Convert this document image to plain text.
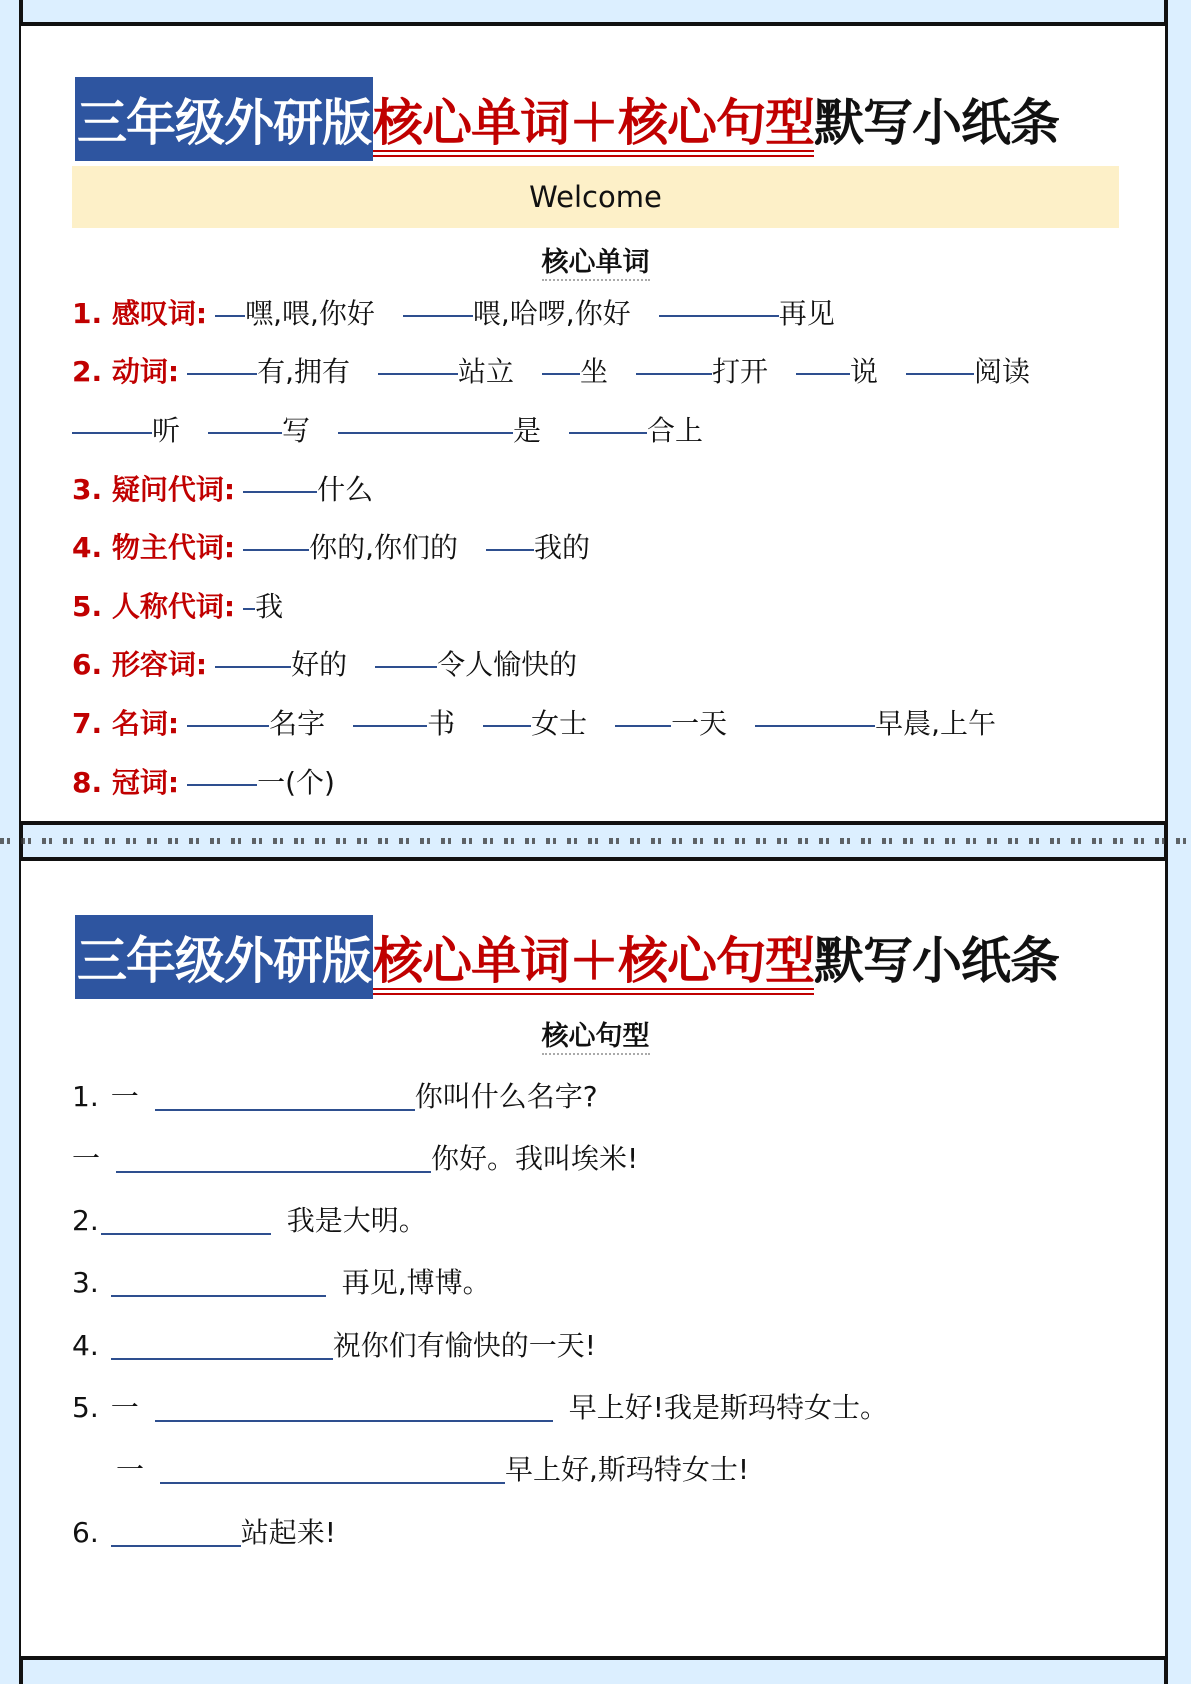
三年级外研版 核心单词＋核心句型 默写小纸条
Welcome
核心单词
1. 感叹词:	嘿,喂,你好	喂,哈啰,你好	再见
2. 动词:	有,拥有	站立	坐	打开	说	阅读
听	写	是	合上
3. 疑问代词:	什么
4. 物主代词:	你的,你们的	我的
5. 人称代词: 我
6. 形容词:	好的	令人愉快的
7. 名词:	名字	书	女士	一天	早晨,上午
8. 冠词:	一(个)
三年级外研版 核心单词＋核心句型 默写小纸条
核心句型
1. 一	你叫什么名字?
一	你好。我叫埃米!
2.	我是大明。
3.	再见,博博。
4.	祝你们有愉快的一天!
5. 一	早上好!我是斯玛特女士。
一	早上好,斯玛特女士!
6.	站起来!
